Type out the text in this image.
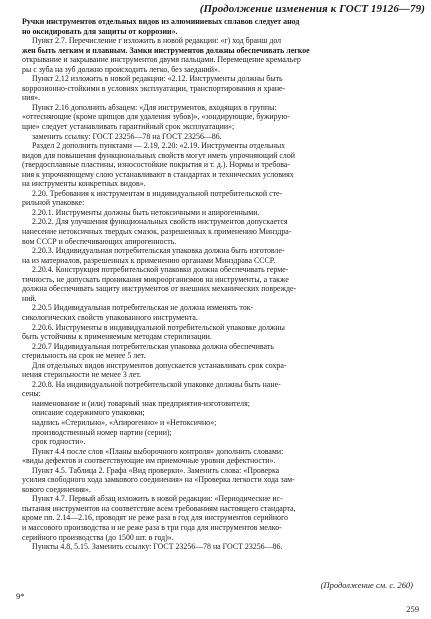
(Продолжение изменения к ГОСТ 19126—79)
Ручки инструментов отдельных видов из алюминиевых сплавов следует анод
но оксидировать для защиты от коррозии».
Пункт 2.7. Перечисление г изложить в новой редакции: «г) ход бранш дол
жен быть легким и плавным. Замки инструментов должны обеспечивать легкое
открывание и закрывание инструментов двумя пальцами. Перемещение кремальер
ры с зуба на зуб должно происходить легко, без заеданий».
Пункт 2.12 изложить в новой редакции: «2.12. Инструменты должны быть
коррозионно-стойкими в условиях эксплуатации, транспортирования и хране-
ния».
Пункт 2.16 дополнить абзацем: «Для инструментов, входящих в группы:
«оттесняющие (кроме щипцов для удаления зубов)», «зондирующие, бужирую-
щие» следует устанавливать гарантийный срок эксплуатации»;
заменить ссылку: ГОСТ 23256—78 на ГОСТ 23256—86.
Раздел 2 дополнить пунктами — 2.19, 2.20: «2.19. Инструменты отдельных
видов для повышения функциональных свойств могут иметь упрочняющий слой
(твердосплавные пластины, износостойкие покрытия и т. д.). Нормы и требова-
ния к упрочняющему слою устанавливают в стандартах и технических условиях
на инструменты конкретных видов».
2.20. Требования к инструментам в индивидуальной потребительской сте-
рильной упаковке:
2.20.1. Инструменты должны быть нетоксичными и апирогенными.
2.20.2. Для улучшения функциональных свойств инструментов допускается
нанесение нетоксичных твердых смазок, разрешенных к применению Минздра-
вом СССР и обеспечивающих апирогенность.
2.20.3. Индивидуальная потребительская упаковка должна быть изготовле-
на из материалов, разрешенных к применению органами Минздрава СССР.
2.20.4. Конструкция потребительской упаковки должна обеспечивать герме-
тичность, не допускать проникания микроорганизмов на инструменты, а также
должна обеспечивать защиту инструментов от внешних механических поврежде-
ний.
2.20.5 Индивидуальная потребительская не должна изменять ток-
сикологических свойств упакованного инструмента.
2.20.6. Инструменты в индивидуальной потребительской упаковке должны
быть устойчивы к применяемым методам стерилизации.
2.20.7 Индивидуальная потребительская упаковка должна обеспечивать
стерильность на срок не менее 5 лет.
Для отдельных видов инструментов допускается устанавливать срок сохра-
нения стерильности не менее 3 лет.
2.20.8. На индивидуальной потребительской упаковке должны быть нане-
сены:
наименование и (или) товарный знак предприятия-изготовителя;
описание содержимого упаковки;
надпись «Стерильно», «Апирогенно» и «Нетоксично»;
производственный номер партии (серии);
срок годности».
Пункт 4.4 после слов «Планы выборочного контроля» дополнить словами:
«виды дефектов и соответствующие им приемочные уровни дефектности».
Пункт 4.5. Таблица 2. Графа «Вид проверки». Заменить слова: «Проверка
усилия свободного хода замкового соединения» на «Проверка легкости хода зам-
кового соединения».
Пункт 4.7. Первый абзац изложить в новой редакции: «Периодические ис-
пытания инструментов на соответствие всем требованиям настоящего стандарта,
кроме пп. 2.14—2.16, проводят не реже раза в год для инструментов серийного
и массового производства и не реже раза в три года для инструментов мелко-
серийного производства (до 1500 шт. в год)».
Пункты 4.8, 5.15. Заменить ссылку: ГОСТ 23256—78 на ГОСТ 23256—86.
(Продолжение см. с. 260)
9*
259
